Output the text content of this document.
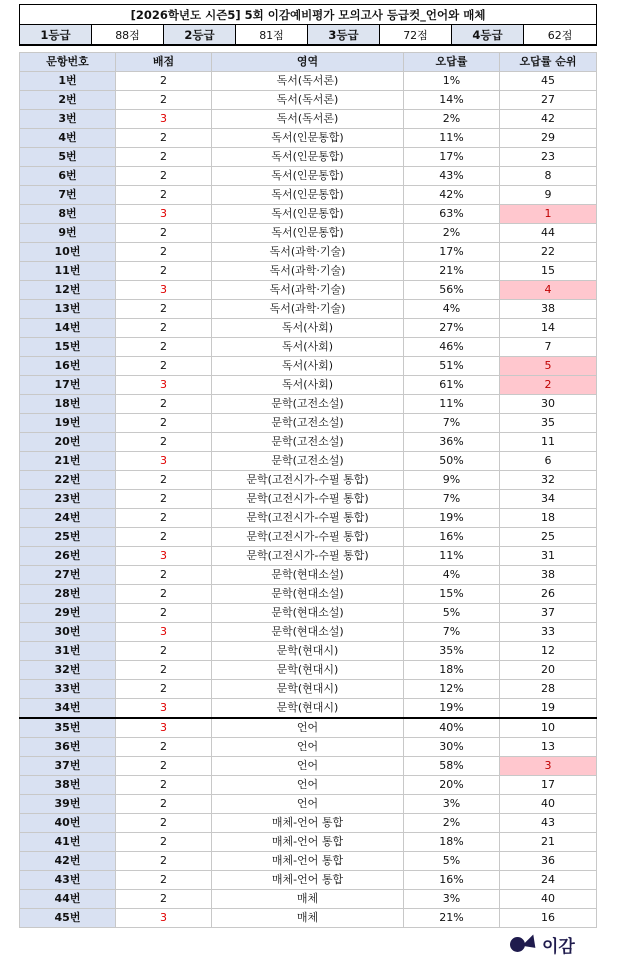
[2026학년도 시즌5] 5회 이감예비평가 모의고사 등급컷_언어와 매체
1등급	88점	2등급	81점	3등급	72점	4등급	62점
문항번호	배점	영역	오답률	오답률 순위
1번	2	독서(독서론)	1%	45
2번	2	독서(독서론)	14%	27
3번	3	독서(독서론)	2%	42
4번	2	독서(인문통합)	11%	29
5번	2	독서(인문통합)	17%	23
6번	2	독서(인문통합)	43%	8
7번	2	독서(인문통합)	42%	9
8번	3	독서(인문통합)	63%	1
9번	2	독서(인문통합)	2%	44
10번	2	독서(과학·기술)	17%	22
11번	2	독서(과학·기술)	21%	15
12번	3	독서(과학·기술)	56%	4
13번	2	독서(과학·기술)	4%	38
14번	2	독서(사회)	27%	14
15번	2	독서(사회)	46%	7
16번	2	독서(사회)	51%	5
17번	3	독서(사회)	61%	2
18번	2	문학(고전소설)	11%	30
19번	2	문학(고전소설)	7%	35
20번	2	문학(고전소설)	36%	11
21번	3	문학(고전소설)	50%	6
22번	2	문학(고전시가-수필 통합)	9%	32
23번	2	문학(고전시가-수필 통합)	7%	34
24번	2	문학(고전시가-수필 통합)	19%	18
25번	2	문학(고전시가-수필 통합)	16%	25
26번	3	문학(고전시가-수필 통합)	11%	31
27번	2	문학(현대소설)	4%	38
28번	2	문학(현대소설)	15%	26
29번	2	문학(현대소설)	5%	37
30번	3	문학(현대소설)	7%	33
31번	2	문학(현대시)	35%	12
32번	2	문학(현대시)	18%	20
33번	2	문학(현대시)	12%	28
34번	3	문학(현대시)	19%	19
35번	3	언어	40%	10
36번	2	언어	30%	13
37번	2	언어	58%	3
38번	2	언어	20%	17
39번	2	언어	3%	40
40번	2	매체-언어 통합	2%	43
41번	2	매체-언어 통합	18%	21
42번	2	매체-언어 통합	5%	36
43번	2	매체-언어 통합	16%	24
44번	2	매체	3%	40
45번	3	매체	21%	16
이감
